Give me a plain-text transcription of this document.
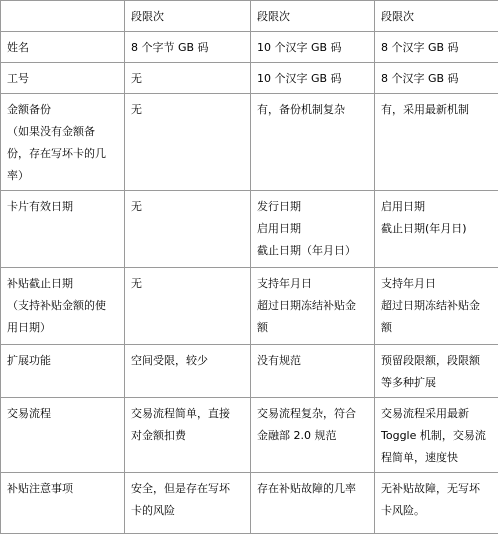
	段限次	段限次	段限次

姓名	8 个字节 GB 码	10 个汉字 GB 码	8 个汉字 GB 码

工号	无	10 个汉字 GB 码	8 个汉字 GB 码

金额备份
（如果没有金额备
份，存在写坏卡的几
率）	无	有，备份机制复杂	有，采用最新机制

卡片有效日期	无	发行日期
启用日期
截止日期（年月日）	启用日期
截止日期(年月日)

补贴截止日期
（支持补贴金额的使
用日期）	无	支持年月日
超过日期冻结补贴金
额	支持年月日
超过日期冻结补贴金
额

扩展功能	空间受限，较少	没有规范	预留段限额，段限额
等多种扩展

交易流程	交易流程简单，直接
对金额扣费	交易流程复杂，符合
金融部 2.0 规范	交易流程采用最新
Toggle 机制，交易流
程简单，速度快

补贴注意事项	安全，但是存在写坏
卡的风险	存在补贴故障的几率	无补贴故障，无写坏
卡风险。
